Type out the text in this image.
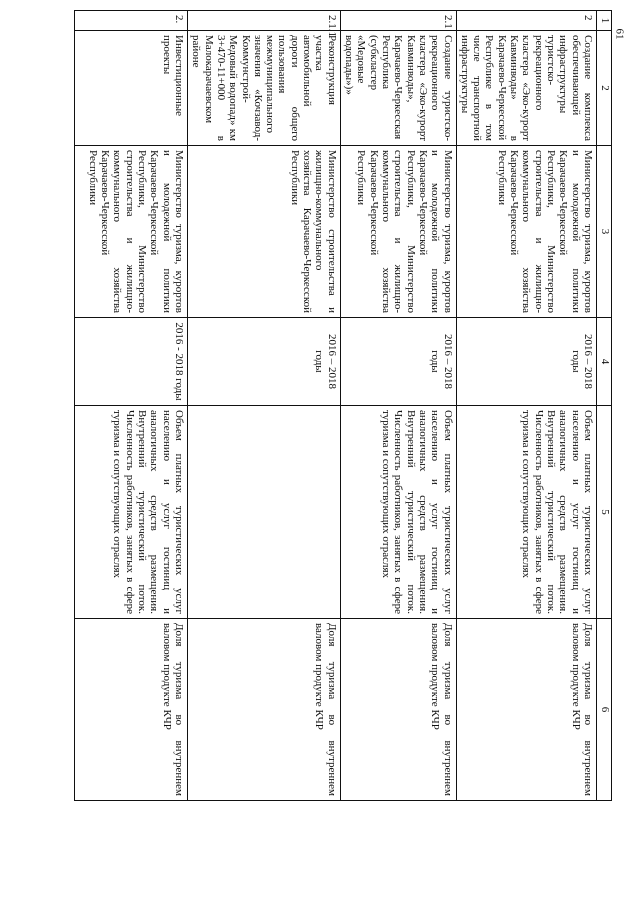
61
1	2	3	4	5	6
2	Создание комплекса обеспечивающей инфраструктуры туристско-рекреационного кластера «Эко-курорт Кавминводы» в Карачаево-Черкесской Республике в том числе транспортной инфраструктуры	Министерство туризма, курортов и молодежной политики Карачаево-Черкесской Республики, Министерство строительства и жилищно-коммунального хозяйства Карачаево-Черкесской Республики	2016 – 2018 годы	Объем платных туристических услуг населению и услуг гостиниц и аналогичных средств размещения. Внутренний туристический поток. Численность работников, занятых в сфере туризма и сопутствующих отраслях	Доля туризма во внутреннем валовом продукте КЧР
2.1	Создание туристско-рекреационного кластера «Эко-курорт Кавминводы», Карачаево-Черкесская Республика (субкластер «Медовые водопады»)»	Министерство туризма, курортов и молодежной политики Карачаево-Черкесской Республики, Министерство строительства и жилищно-коммунального хозяйства Карачаево-Черкесской Республики	2016 – 2018 годы	Объем платных туристических услуг населению и услуг гостиниц и аналогичных средств размещения. Внутренний туристический поток. Численность работников, занятых в сфере туризма и сопутствующих отраслях	Доля туризма во внутреннем валовом продукте КЧР
2.1.1	Реконструкция участка автомобильной дороги общего пользования межмуниципального значения «Кочзавод-Коммунстрой-Медовый водопад» км 3+470-11+000 в Малокарачаевском районе	Министерство строительства и жилищно-коммунального хозяйства Карачаево-Черкесской Республики	2016 – 2018 годы		Доля туризма во внутреннем валовом продукте КЧР
2.	Инвестиционные проекты	Министерство туризма, курортов и молодежной политики Карачаево-Черкесской Республики, Министерство строительства и жилищно-коммунального хозяйства Карачаево-Черкесской Республики	2016 - 2018 годы	Объем платных туристических услуг населению и услуг гостиниц и аналогичных средств размещения. Внутренний туристический поток. Численность работников, занятых в сфере туризма и сопутствующих отраслях	Доля туризма во внутреннем валовом продукте КЧР
